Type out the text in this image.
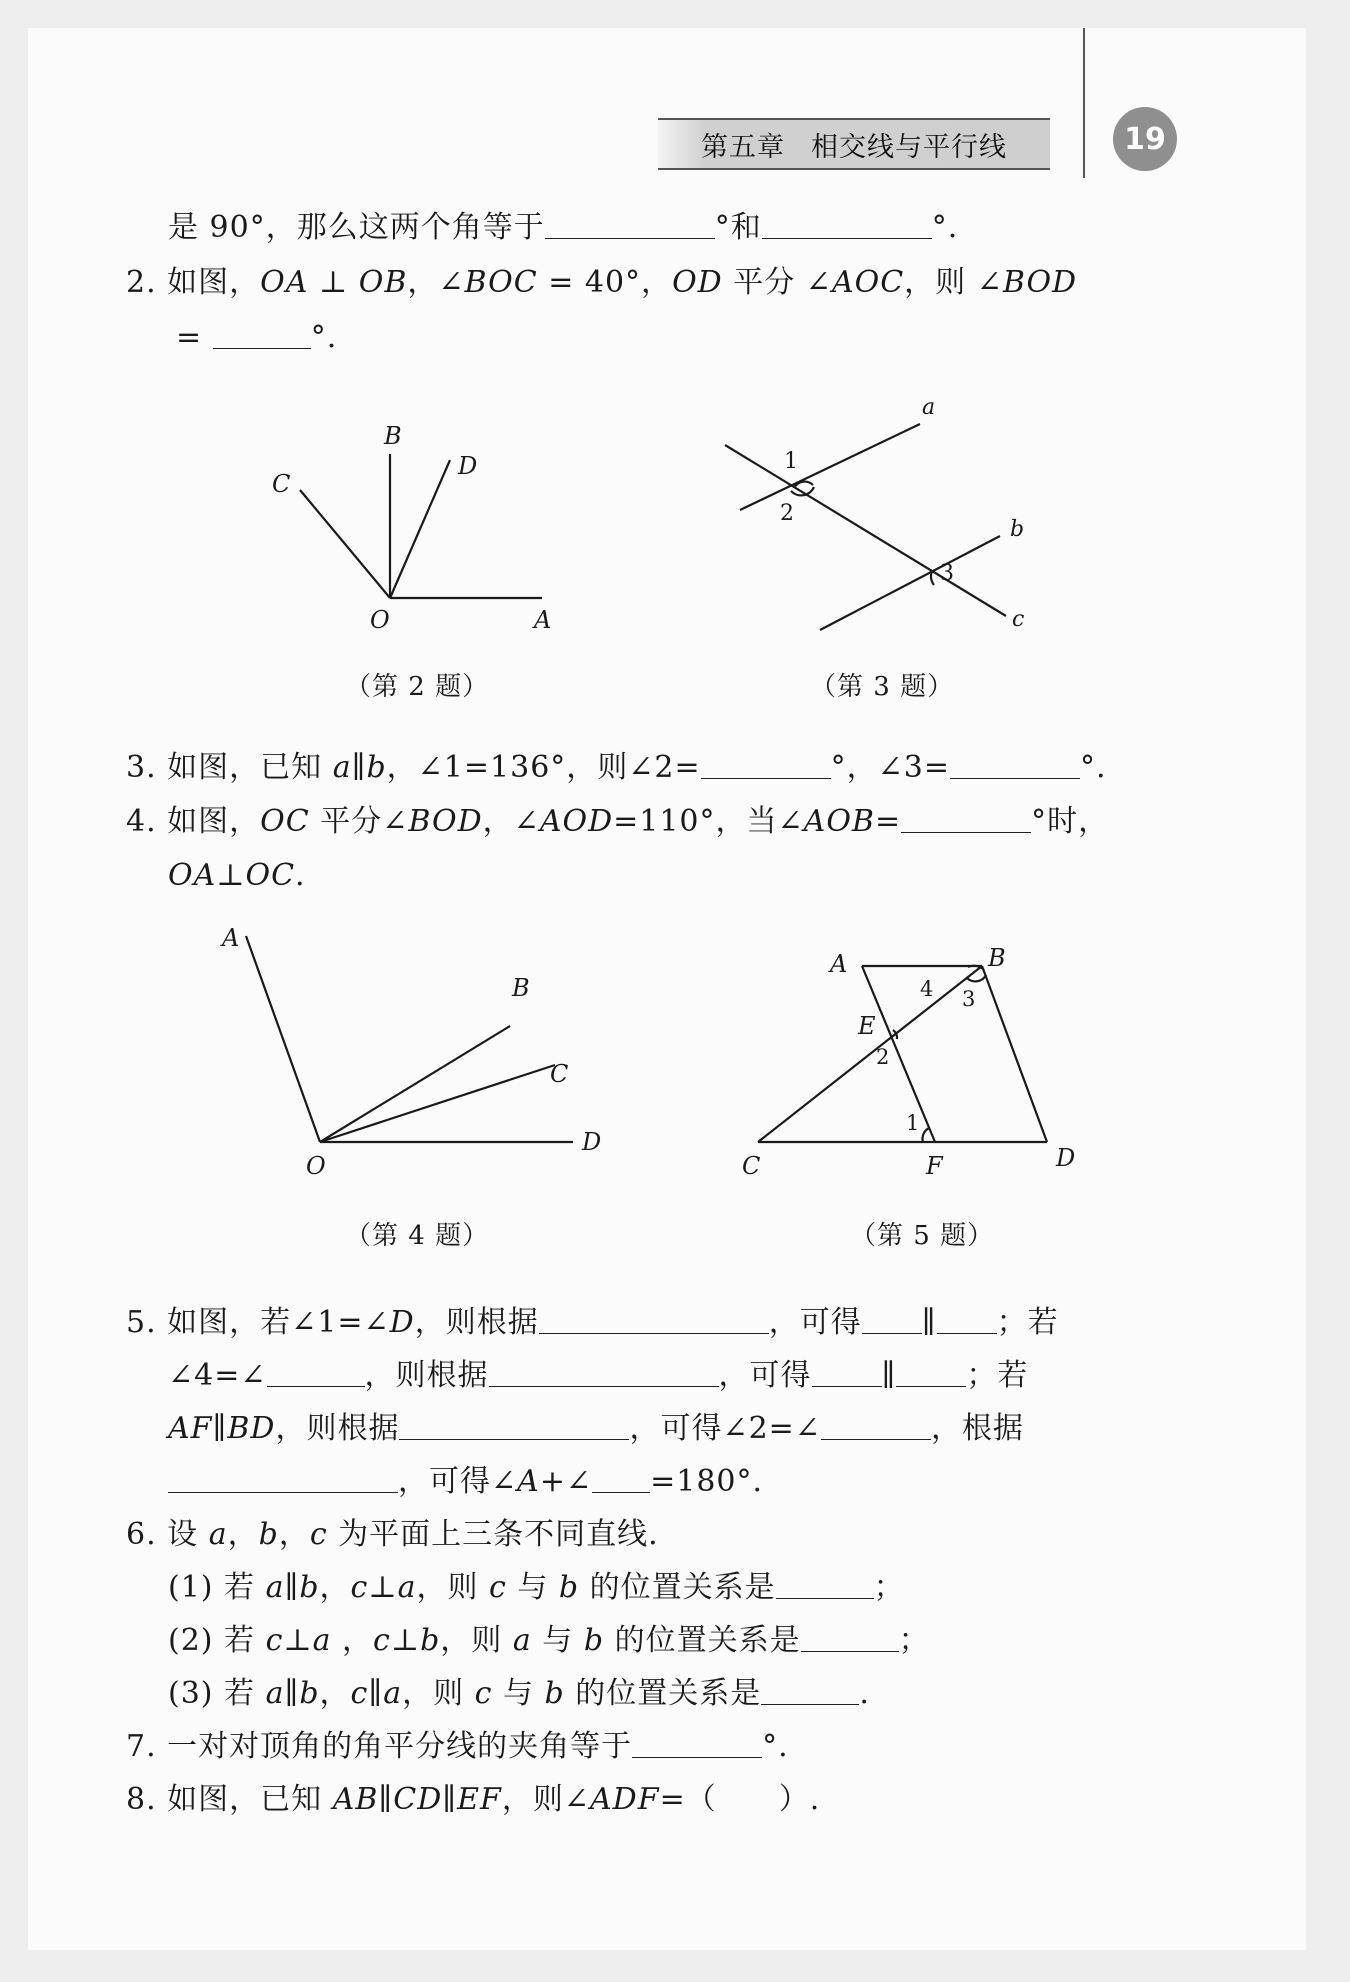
第五章 相交线与平行线	19
是 90°，那么这两个角等于	°和	°.
2. 如图，OA ⊥ OB，∠BOC = 40°，OD 平分 ∠AOC，则 ∠BOD
=	°.
3. 如图，已知 a∥b，∠1=136°，则∠2=	°，∠3=	°.
4. 如图，OC 平分∠BOD，∠AOD=110°，当∠AOB=	°时，
OA⊥OC.
5. 如图，若∠1=∠D，则根据	，可得 ∥ ；若
∠4=∠	，则根据	，可得 ∥ ；若
AF∥BD，则根据	，可得∠2=∠	，根据
，可得∠A+∠ =180°.
6. 设 a，b，c 为平面上三条不同直线.
(1) 若 a∥b，c⊥a，则 c 与 b 的位置关系是	；
(2) 若 c⊥a ，c⊥b，则 a 与 b 的位置关系是	；
(3) 若 a∥b，c∥a，则 c 与 b 的位置关系是	.
7. 一对对顶角的角平分线的夹角等于	°.
8. 如图，已知 AB∥CD∥EF，则∠ADF=（　　）.
O	A
B
C
D
（第 2 题）
a
b
c
1
2
3
（第 3 题）
A
B
C
D
O
（第 4 题）
A	B
E
C	F	D
1
2
3
4
（第 5 题）
